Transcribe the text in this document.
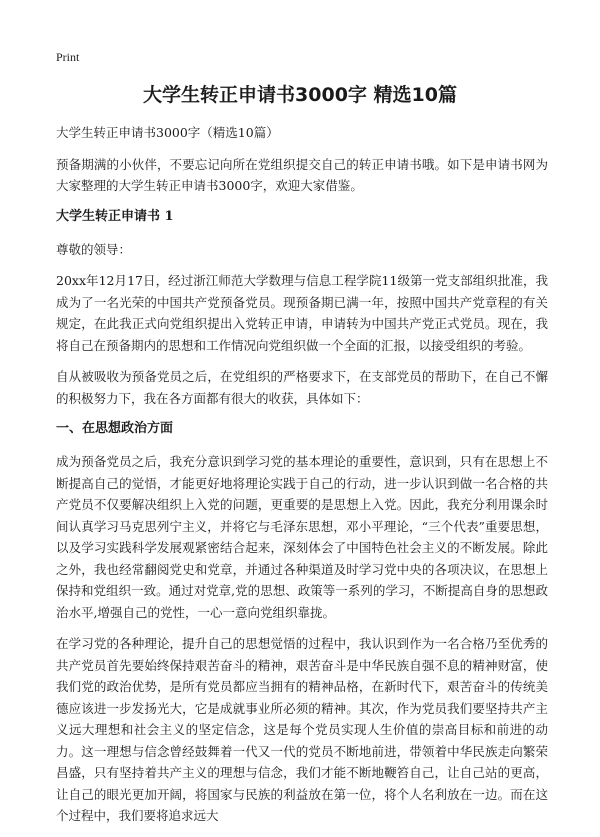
Print
大学生转正申请书3000字 精选10篇

大学生转正申请书3000字（精选10篇）

预备期满的小伙伴，不要忘记向所在党组织提交自己的转正申请书哦。如下是申请书网为大家整理的大学生转正申请书3000字，欢迎大家借鉴。

大学生转正申请书 1

尊敬的领导：

20xx年12月17日，经过浙江师范大学数理与信息工程学院11级第一党支部组织批准，我成为了一名光荣的中国共产党预备党员。现预备期已满一年，按照中国共产党章程的有关规定，在此我正式向党组织提出入党转正申请，申请转为中国共产党正式党员。现在，我将自己在预备期内的思想和工作情况向党组织做一个全面的汇报，以接受组织的考验。

自从被吸收为预备党员之后，在党组织的严格要求下，在支部党员的帮助下，在自己不懈的积极努力下，我在各方面都有很大的收获，具体如下：

一、在思想政治方面

成为预备党员之后，我充分意识到学习党的基本理论的重要性，意识到，只有在思想上不断提高自己的觉悟，才能更好地将理论实践于自己的行动，进一步认识到做一名合格的共产党员不仅要解决组织上入党的问题，更重要的是思想上入党。因此，我充分利用课余时间认真学习马克思列宁主义，并将它与毛泽东思想，邓小平理论，“三个代表”重要思想，以及学习实践科学发展观紧密结合起来，深刻体会了中国特色社会主义的不断发展。除此之外，我也经常翻阅党史和党章，并通过各种渠道及时学习党中央的各项决议，在思想上保持和党组织一致。通过对党章,党的思想、政策等一系列的学习，不断提高自身的思想政治水平,增强自己的党性，一心一意向党组织靠拢。

在学习党的各种理论，提升自己的思想觉悟的过程中，我认识到作为一名合格乃至优秀的共产党员首先要始终保持艰苦奋斗的精神，艰苦奋斗是中华民族自强不息的精神财富，使我们党的政治优势，是所有党员都应当拥有的精神品格，在新时代下，艰苦奋斗的传统美德应该进一步发扬光大，它是成就事业所必须的精神。其次，作为党员我们要坚持共产主义远大理想和社会主义的坚定信念，这是每个党员实现人生价值的崇高目标和前进的动力。这一理想与信念曾经鼓舞着一代又一代的党员不断地前进，带领着中华民族走向繁荣昌盛，只有坚持着共产主义的理想与信念，我们才能不断地鞭笞自己，让自己站的更高，让自己的眼光更加开阔，将国家与民族的利益放在第一位，将个人名利放在一边。而在这个过程中，我们要将追求远大
